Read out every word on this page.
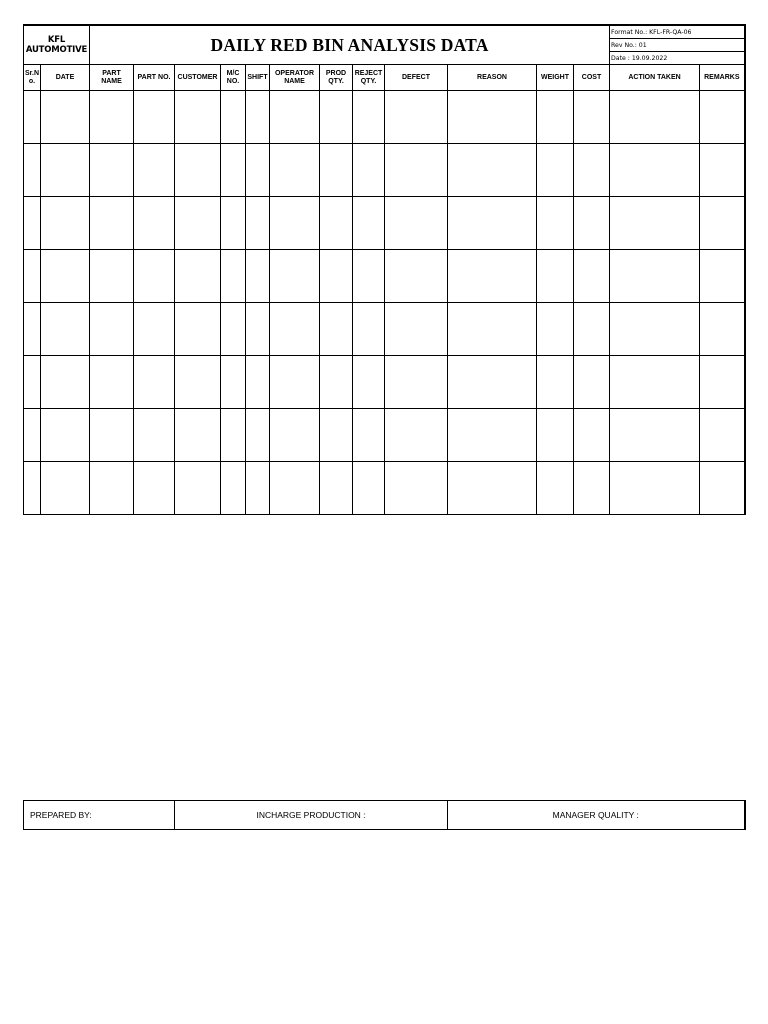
KFL
AUTOMOTIVE	DAILY RED BIN ANALYSIS DATA	
Format No.: KFL-FR-QA-06
Rev No.: 01
Date : 19.09.2022

Sr.No.	DATE	PART NAME	PART NO.	CUSTOMER	M/C NO.	SHIFT	OPERATOR NAME	PROD QTY.	REJECT QTY.	DEFECT	REASON	WEIGHT	COST	ACTION TAKEN	REMARKS

PREPARED BY:	INCHARGE PRODUCTION :	MANAGER QUALITY :
